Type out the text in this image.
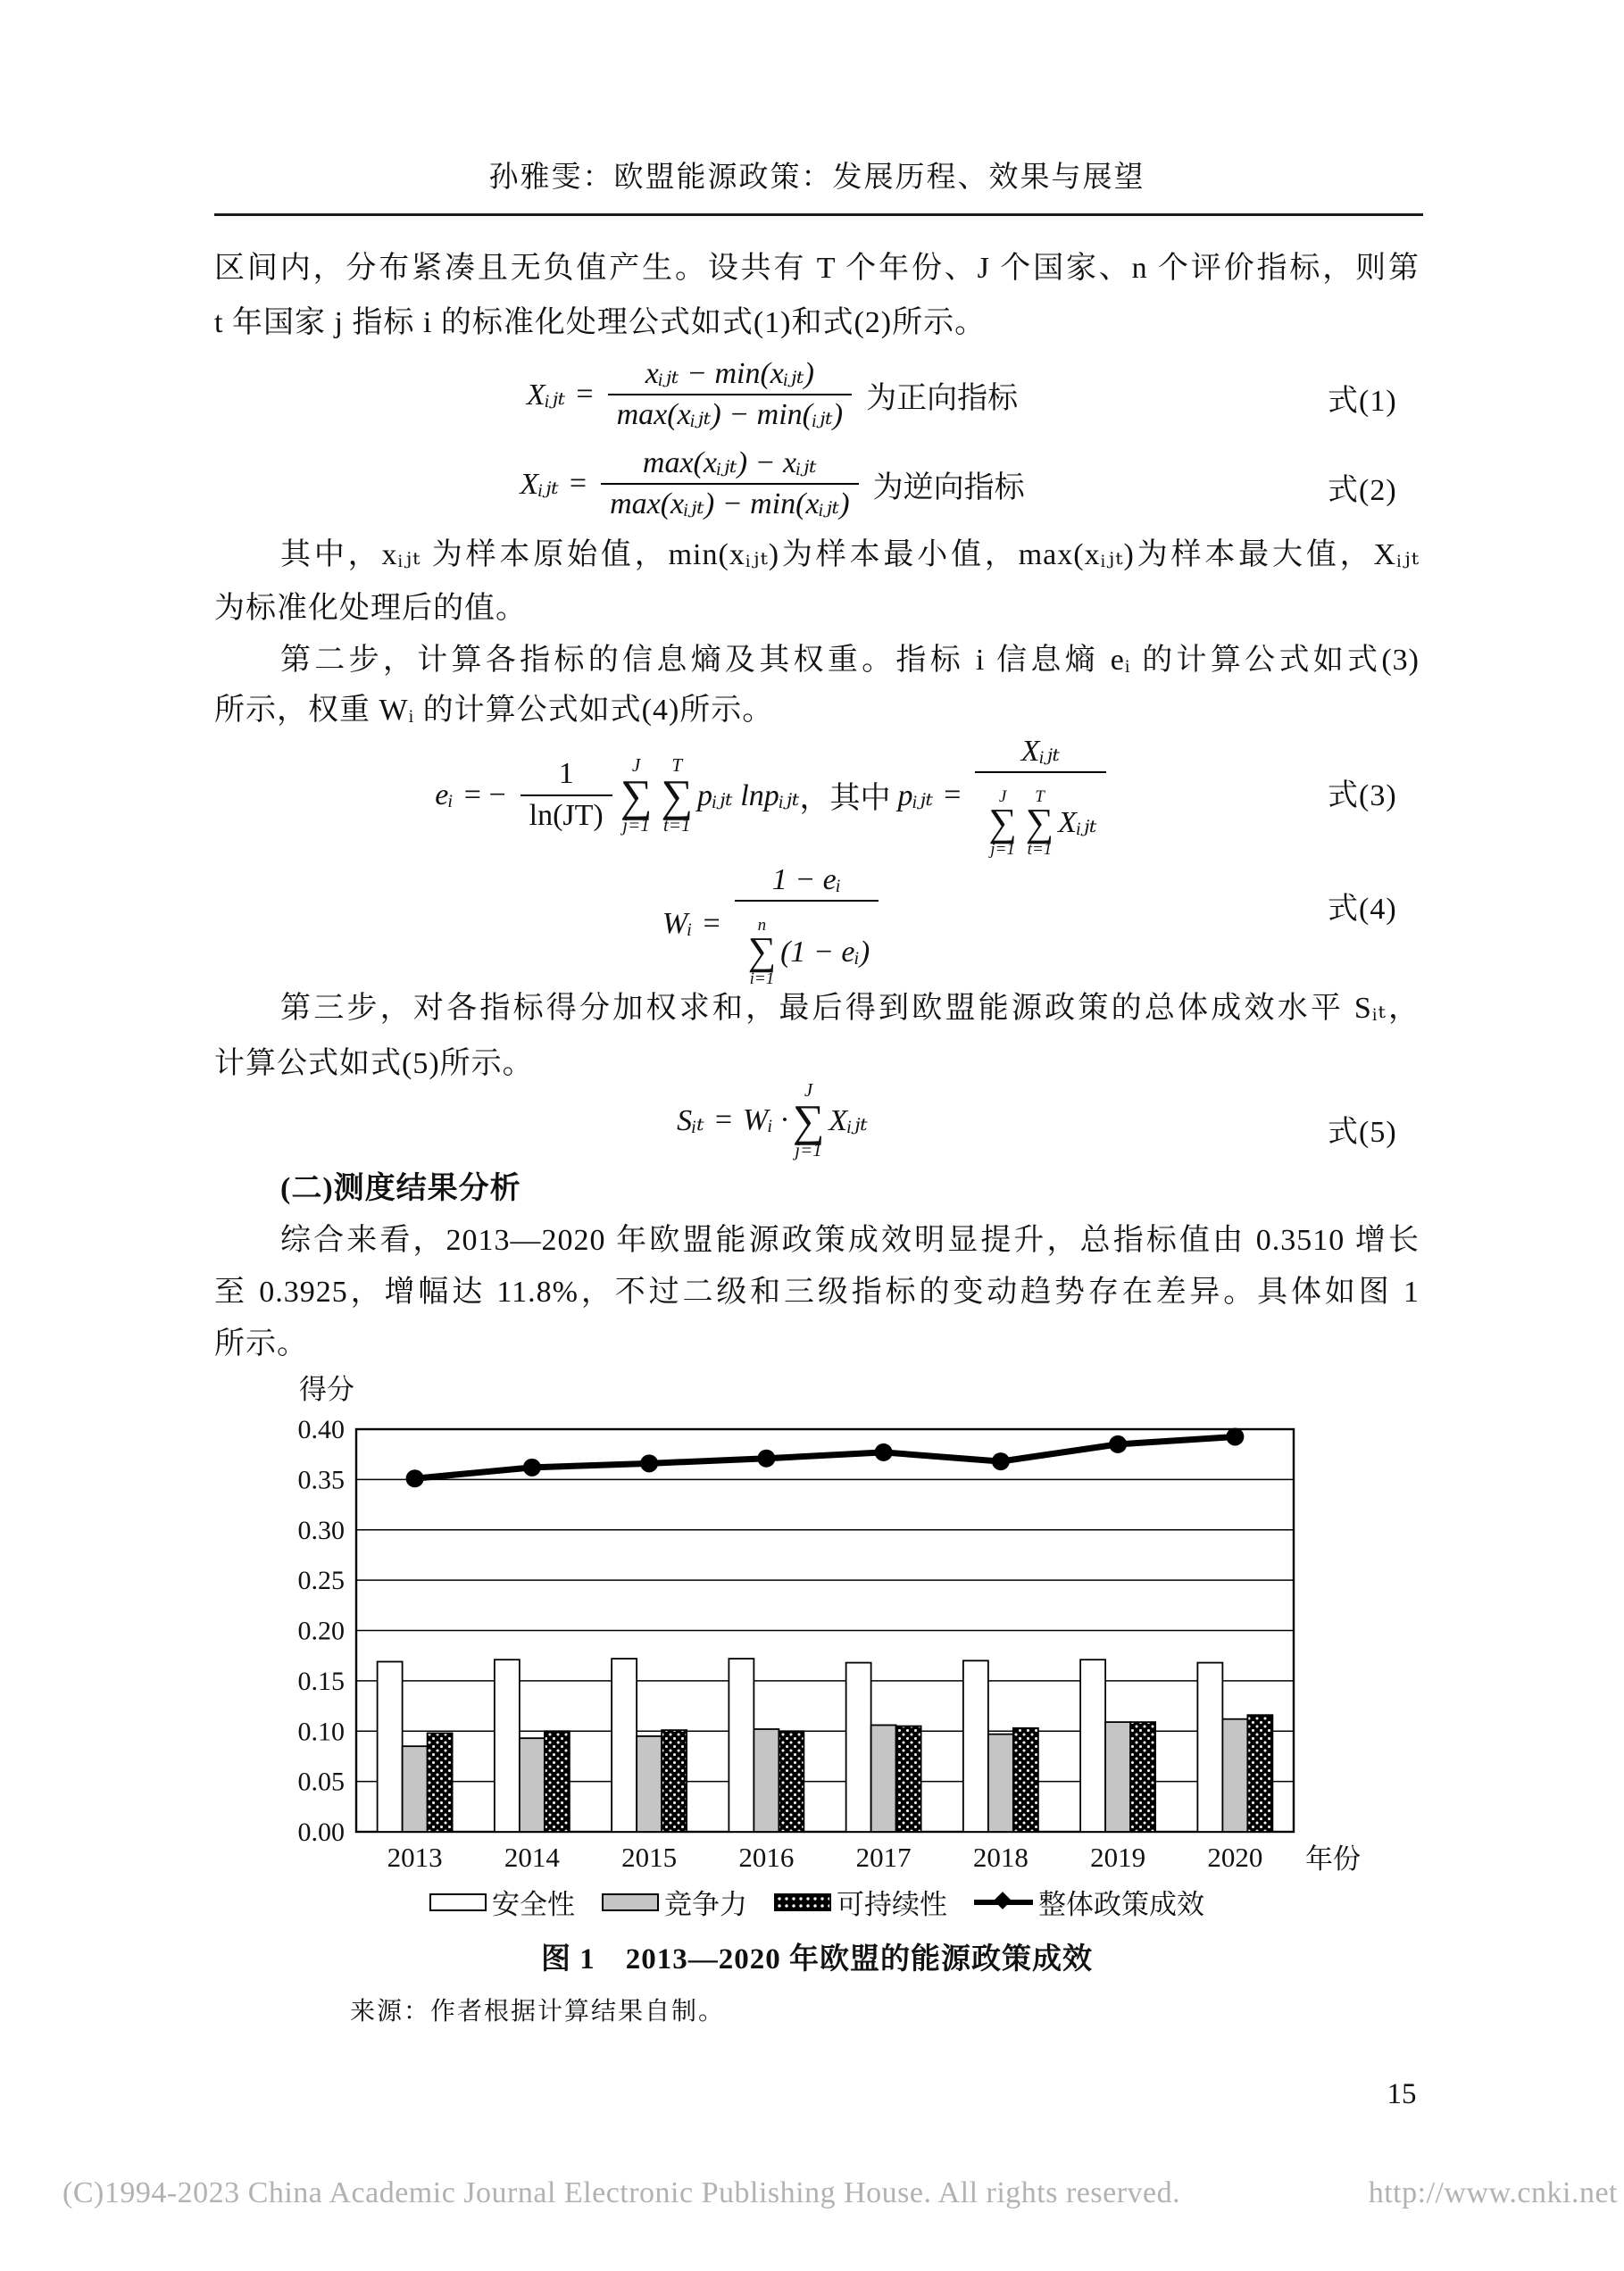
孙雅雯：欧盟能源政策：发展历程、效果与展望
区间内，分布紧凑且无负值产生。设共有 T 个年份、J 个国家、n 个评价指标，则第
t 年国家 j 指标 i 的标准化处理公式如式(1)和式(2)所示。
Xᵢⱼₜ = $\frac{\text{xᵢⱼₜ − min(xᵢⱼₜ)}}{\text{max(xᵢⱼₜ) − min(ᵢⱼₜ)}}$ 为正向指标	式(1)
Xᵢⱼₜ = $\frac{\text{max(xᵢⱼₜ) − xᵢⱼₜ}}{\text{max(xᵢⱼₜ) − min(xᵢⱼₜ)}}$ 为逆向指标	式(2)
其中，xᵢⱼₜ 为样本原始值，min(xᵢⱼₜ)为样本最小值，max(xᵢⱼₜ)为样本最大值，Xᵢⱼₜ
为标准化处理后的值。
第二步，计算各指标的信息熵及其权重。指标 i 信息熵 eᵢ 的计算公式如式(3)
所示，权重 Wᵢ 的计算公式如式(4)所示。
eᵢ = − $\frac{1}{\ln(JT)}$ J
∑
j=1
T
∑
t=1
pᵢⱼₜ lnpᵢⱼₜ ，其中 pᵢⱼₜ =
Xᵢⱼₜ
J
∑
j=1
T
∑
t=1
Xᵢⱼₜ
式(3)
Wᵢ = 1 − eᵢ
n
∑
i=1
(1 − eᵢ)	式(4)
第三步，对各指标得分加权求和，最后得到欧盟能源政策的总体成效水平 Sᵢₜ，
计算公式如式(5)所示。
Sᵢₜ = Wᵢ ·
J
∑
j=1
Xᵢⱼₜ	式(5)
(二)测度结果分析
综合来看，2013—2020 年欧盟能源政策成效明显提升，总指标值由 0.3510 增长
至 0.3925，增幅达 11.8%，不过二级和三级指标的变动趋势存在差异。具体如图 1
所示。
0.40
0.35
0.30
0.25
0.20
0.15
0.10
0.05
0.00
2013 2014 2015 2016 2017 2018 2019 2020
得分
年份
安全性	竞争力	可持续性	整体政策成效
图 1　2013—2020 年欧盟的能源政策成效
来源：作者根据计算结果自制。
15
(C)1994-2023 China Academic Journal Electronic Publishing House. All rights reserved.	http://www.cnki.net
